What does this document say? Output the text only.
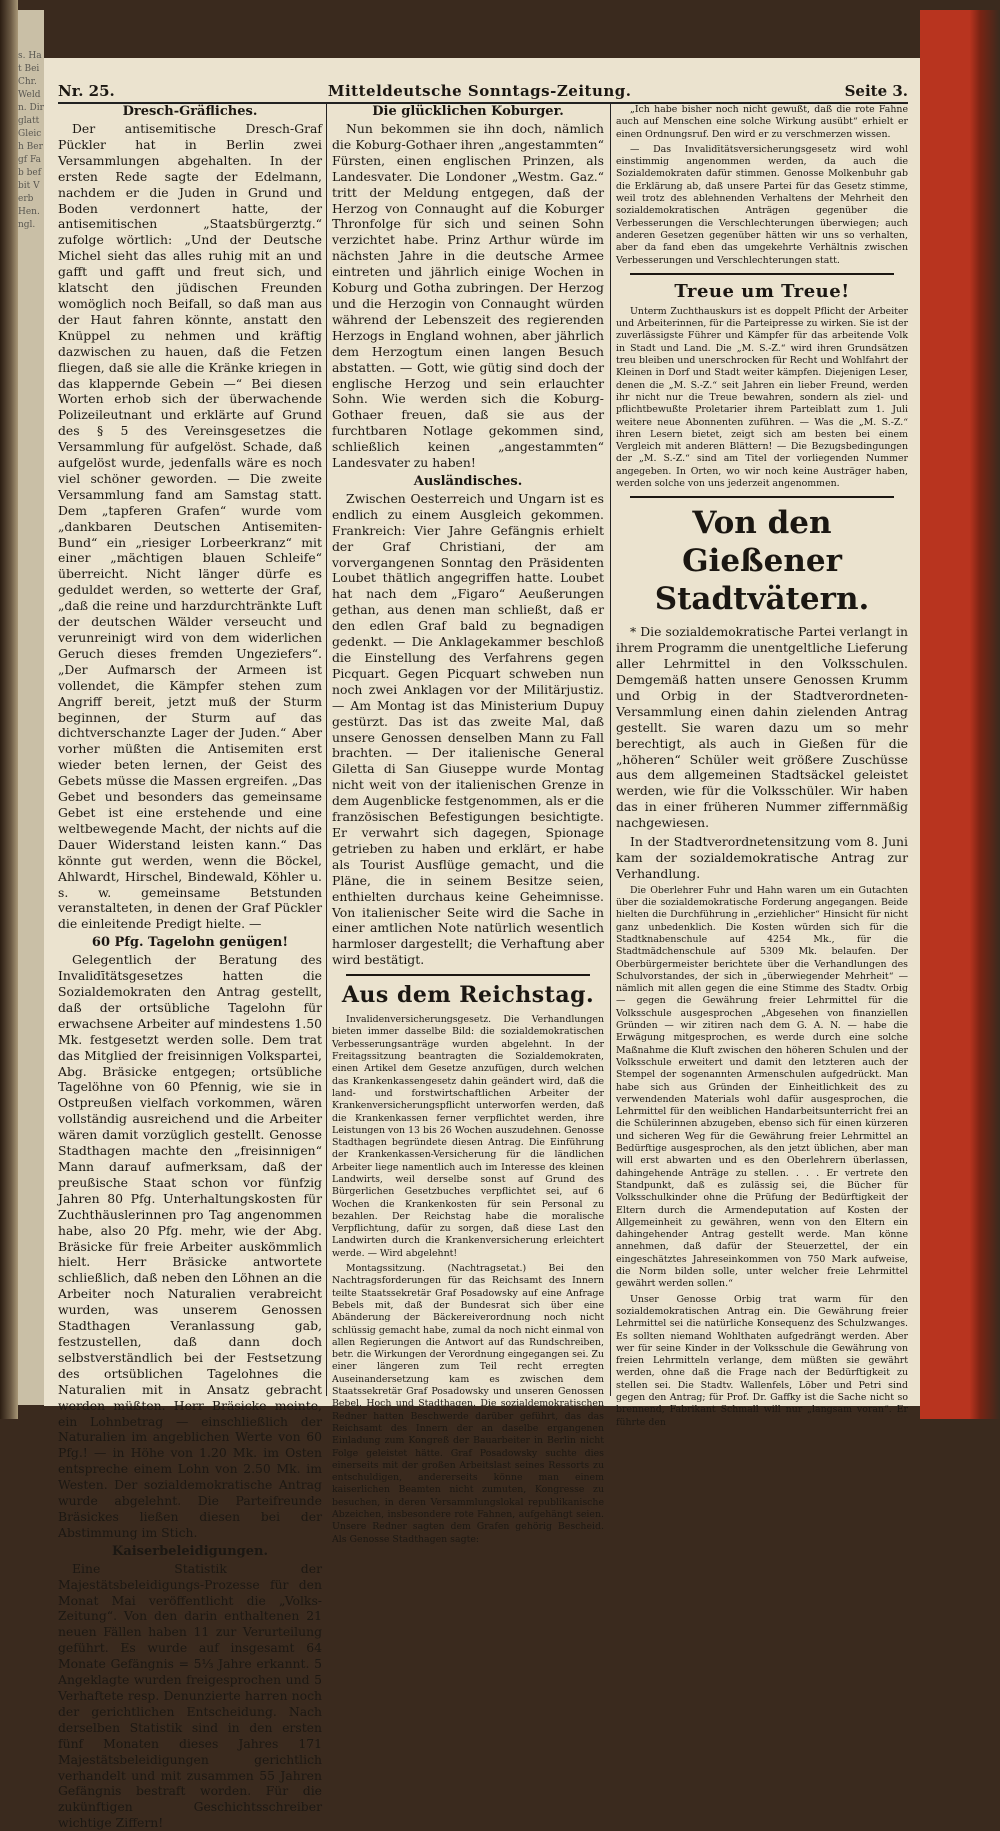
s. Hat Bei Chr. Weld n. Dir glatt Gleich Bergf Fab bef bit Verb Hen. ngl.
Nr. 25.	Mitteldeutsche Sonntags-Zeitung.	Seite 3.
Dresch-Gräfliches.

Der antisemitische Dresch-Graf Pückler hat in Berlin zwei Versammlungen abgehalten. In der ersten Rede sagte der Edelmann, nachdem er die Juden in Grund und Boden verdonnert hatte, der antisemitischen „Staatsbürgerztg.“ zufolge wörtlich: „Und der Deutsche Michel sieht das alles ruhig mit an und gafft und gafft und freut sich, und klatscht den jüdischen Freunden womöglich noch Beifall, so daß man aus der Haut fahren könnte, anstatt den Knüppel zu nehmen und kräftig dazwischen zu hauen, daß die Fetzen fliegen, daß sie alle die Kränke kriegen in das klappernde Gebein —“ Bei diesen Worten erhob sich der überwachende Polizeileutnant und erklärte auf Grund des § 5 des Vereinsgesetzes die Versammlung für aufgelöst. Schade, daß aufgelöst wurde, jedenfalls wäre es noch viel schöner geworden. — Die zweite Versammlung fand am Samstag statt. Dem „tapferen Grafen“ wurde vom „dankbaren Deutschen Antisemiten-Bund“ ein „riesiger Lorbeerkranz“ mit einer „mächtigen blauen Schleife“ überreicht. Nicht länger dürfe es geduldet werden, so wetterte der Graf, „daß die reine und harzdurchtränkte Luft der deutschen Wälder verseucht und verunreinigt wird von dem widerlichen Geruch dieses fremden Ungeziefers“. „Der Aufmarsch der Armeen ist vollendet, die Kämpfer stehen zum Angriff bereit, jetzt muß der Sturm beginnen, der Sturm auf das dichtverschanzte Lager der Juden.“ Aber vorher müßten die Antisemiten erst wieder beten lernen, der Geist des Gebets müsse die Massen ergreifen. „Das Gebet und besonders das gemeinsame Gebet ist eine erstehende und eine weltbewegende Macht, der nichts auf die Dauer Widerstand leisten kann.“ Das könnte gut werden, wenn die Böckel, Ahlwardt, Hirschel, Bindewald, Köhler u. s. w. gemeinsame Betstunden veranstalteten, in denen der Graf Pückler die einleitende Predigt hielte. —

60 Pfg. Tagelohn genügen!

Gelegentlich der Beratung des Invalidītätsgesetzes hatten die Sozialdemokraten den Antrag gestellt, daß der ortsübliche Tagelohn für erwachsene Arbeiter auf mindestens 1.50 Mk. festgesetzt werden solle. Dem trat das Mitglied der freisinnigen Volkspartei, Abg. Bräsicke entgegen; ortsübliche Tagelöhne von 60 Pfennig, wie sie in Ostpreußen vielfach vorkommen, wären vollständig ausreichend und die Arbeiter wären damit vorzüglich gestellt. Genosse Stadthagen machte den „freisinnigen“ Mann darauf aufmerksam, daß der preußische Staat schon vor fünfzig Jahren 80 Pfg. Unterhaltungskosten für Zuchthäuslerinnen pro Tag angenommen habe, also 20 Pfg. mehr, wie der Abg. Bräsicke für freie Arbeiter auskömmlich hielt. Herr Bräsicke antwortete schließlich, daß neben den Löhnen an die Arbeiter noch Naturalien verabreicht wurden, was unserem Genossen Stadthagen Veranlassung gab, festzustellen, daß dann doch selbstverständlich bei der Festsetzung des ortsüblichen Tagelohnes die Naturalien mit in Ansatz gebracht werden müßten. Herr Bräsicke meinte, ein Lohnbetrag — einschließlich der Naturalien im angeblichen Werte von 60 Pfg.! — in Höhe von 1.20 Mk. im Osten entspreche einem Lohn von 2.50 Mk. im Westen. Der sozialdemokratische Antrag wurde abgelehnt. Die Parteifreunde Bräsickes ließen diesen bei der Abstimmung im Stich.

Kaiserbeleidigungen.

Eine Statistik der Majestätsbeleidigungs-Prozesse für den Monat Mai veröffentlicht die „Volks-Zeitung“. Von den darin enthaltenen 21 neuen Fällen haben 11 zur Verurteilung geführt. Es wurde auf insgesamt 64 Monate Gefängnis = 5⅓ Jahre erkannt. 5 Angeklagte wurden freigesprochen und 5 Verhaftete resp. Denunzierte harren noch der gerichtlichen Entscheidung. Nach derselben Statistik sind in den ersten fünf Monaten dieses Jahres 171 Majestätsbeleidigungen gerichtlich verhandelt und mit zusammen 55 Jahren Gefängnis bestraft worden. Für die zukünftigen Geschichtsschreiber wichtige Ziffern!

Die glücklichen Koburger.

Nun bekommen sie ihn doch, nämlich die Koburg-Gothaer ihren „angestammten“ Fürsten, einen englischen Prinzen, als Landesvater. Die Londoner „Westm. Gaz.“ tritt der Meldung entgegen, daß der Herzog von Connaught auf die Koburger Thronfolge für sich und seinen Sohn verzichtet habe. Prinz Arthur würde im nächsten Jahre in die deutsche Armee eintreten und jährlich einige Wochen in Koburg und Gotha zubringen. Der Herzog und die Herzogin von Connaught würden während der Lebenszeit des regierenden Herzogs in England wohnen, aber jährlich dem Herzogtum einen langen Besuch abstatten. — Gott, wie gütig sind doch der englische Herzog und sein erlauchter Sohn. Wie werden sich die Koburg-Gothaer freuen, daß sie aus der furchtbaren Notlage gekommen sind, schließlich keinen „angestammten“ Landesvater zu haben!

Ausländisches.

Zwischen Oesterreich und Ungarn ist es endlich zu einem Ausgleich gekommen. Frankreich: Vier Jahre Gefängnis erhielt der Graf Christiani, der am vorvergangenen Sonntag den Präsidenten Loubet thätlich angegriffen hatte. Loubet hat nach dem „Figaro“ Aeußerungen gethan, aus denen man schließt, daß er den edlen Graf bald zu begnadigen gedenkt. — Die Anklagekammer beschloß die Einstellung des Verfahrens gegen Picquart. Gegen Picquart schweben nun noch zwei Anklagen vor der Militärjustiz. — Am Montag ist das Ministerium Dupuy gestürzt. Das ist das zweite Mal, daß unsere Genossen denselben Mann zu Fall brachten. — Der italienische General Giletta di San Giuseppe wurde Montag nicht weit von der italienischen Grenze in dem Augenblicke festgenommen, als er die französischen Befestigungen besichtigte. Er verwahrt sich dagegen, Spionage getrieben zu haben und erklärt, er habe als Tourist Ausflüge gemacht, und die Pläne, die in seinem Besitze seien, enthielten durchaus keine Geheimnisse. Von italienischer Seite wird die Sache in einer amtlichen Note natürlich wesentlich harmloser dargestellt; die Verhaftung aber wird bestätigt.

Aus dem Reichstag.

Invalidenversicherungsgesetz. Die Verhandlungen bieten immer dasselbe Bild: die sozialdemokratischen Verbesserungsanträge wurden abgelehnt. In der Freitagssitzung beantragten die Sozialdemokraten, einen Artikel dem Gesetze anzufügen, durch welchen das Krankenkassengesetz dahin geändert wird, daß die land- und forstwirtschaftlichen Arbeiter der Krankenversicherungspflicht unterworfen werden, daß die Krankenkassen ferner verpflichtet werden, ihre Leistungen von 13 bis 26 Wochen auszudehnen. Genosse Stadthagen begründete diesen Antrag. Die Einführung der Krankenkassen-Versicherung für die ländlichen Arbeiter liege namentlich auch im Interesse des kleinen Landwirts, weil derselbe sonst auf Grund des Bürgerlichen Gesetzbuches verpflichtet sei, auf 6 Wochen die Krankenkosten für sein Personal zu bezahlen. Der Reichstag habe die moralische Verpflichtung, dafür zu sorgen, daß diese Last den Landwirten durch die Krankenversicherung erleichtert werde. — Wird abgelehnt!

Montagssitzung. (Nachtragsetat.) Bei den Nachtragsforderungen für das Reichsamt des Innern teilte Staatssekretär Graf Posadowsky auf eine Anfrage Bebels mit, daß der Bundesrat sich über eine Abänderung der Bäckereiverordnung noch nicht schlüssig gemacht habe, zumal da noch nicht einmal von allen Regierungen die Antwort auf das Rundschreiben, betr. die Wirkungen der Verordnung eingegangen sei. Zu einer längeren zum Teil recht erregten Auseinandersetzung kam es zwischen dem Staatssekretär Graf Posadowsky und unseren Genossen Bebel, Hoch und Stadthagen. Die sozialdemokratischen Redner hatten Beschwerde darüber geführt, das das Reichsamt des Innern der an daselbe ergangenen Einladung zum Kongreß der Bauarbeiter in Berlin nicht Folge geleistet hätte. Graf Posadowsky suchte dies einerseits mit der großen Arbeitslast seines Ressorts zu entschuldigen, andererseits könne man einem kaiserlichen Beamten nicht zumuten, Kongresse zu besuchen, in deren Versammlungslokal republikanische Abzeichen, insbesondere rote Fahnen, aufgehängt seien. Unsere Redner sagten dem Grafen gehörig Bescheid. Als Genosse Stadthagen sagte:

„Ich habe bisher noch nicht gewußt, daß die rote Fahne auch auf Menschen eine solche Wirkung ausübt“ erhielt er einen Ordnungsruf. Den wird er zu verschmerzen wissen.

— Das Invalidītätsversicherungsgesetz wird wohl einstimmig angenommen werden, da auch die Sozialdemokraten dafür stimmen. Genosse Molkenbuhr gab die Erklärung ab, daß unsere Partei für das Gesetz stimme, weil trotz des ablehnenden Verhaltens der Mehrheit den sozialdemokratischen Anträgen gegenüber die Verbesserungen die Verschlechterungen überwiegen; auch anderen Gesetzen gegenüber hätten wir uns so verhalten, aber da fand eben das umgekehrte Verhältnis zwischen Verbesserungen und Verschlechterungen statt.

Treue um Treue!

Unterm Zuchthauskurs ist es doppelt Pflicht der Arbeiter und Arbeiterinnen, für die Parteipresse zu wirken. Sie ist der zuverlässigste Führer und Kämpfer für das arbeitende Volk in Stadt und Land. Die „M. S.-Z.“ wird ihren Grundsätzen treu bleiben und unerschrocken für Recht und Wohlfahrt der Kleinen in Dorf und Stadt weiter kämpfen. Diejenigen Leser, denen die „M. S.-Z.“ seit Jahren ein lieber Freund, werden ihr nicht nur die Treue bewahren, sondern als ziel- und pflichtbewußte Proletarier ihrem Parteiblatt zum 1. Juli weitere neue Abonnenten zuführen. — Was die „M. S.-Z.“ ihren Lesern bietet, zeigt sich am besten bei einem Vergleich mit anderen Blättern! — Die Bezugsbedingungen der „M. S.-Z.“ sind am Titel der vorliegenden Nummer angegeben. In Orten, wo wir noch keine Austräger haben, werden solche von uns jederzeit angenommen.

Von den Gießener Stadtvätern.

* Die sozialdemokratische Partei verlangt in ihrem Programm die unentgeltliche Lieferung aller Lehrmittel in den Volksschulen. Demgemäß hatten unsere Genossen Krumm und Orbig in der Stadtverordneten-Versammlung einen dahin zielenden Antrag gestellt. Sie waren dazu um so mehr berechtigt, als auch in Gießen für die „höheren“ Schüler weit größere Zuschüsse aus dem allgemeinen Stadtsäckel geleistet werden, wie für die Volksschüler. Wir haben das in einer früheren Nummer ziffernmäßig nachgewiesen.

In der Stadtverordnetensitzung vom 8. Juni kam der sozialdemokratische Antrag zur Verhandlung.

Die Oberlehrer Fuhr und Hahn waren um ein Gutachten über die sozialdemokratische Forderung angegangen. Beide hielten die Durchführung in „erziehlicher“ Hinsicht für nicht ganz unbedenklich. Die Kosten würden sich für die Stadtknabenschule auf 4254 Mk., für die Stadtmädchenschule auf 5309 Mk. belaufen. Der Oberbürgermeister berichtete über die Verhandlungen des Schulvorstandes, der sich in „überwiegender Mehrheit“ — nämlich mit allen gegen die eine Stimme des Stadtv. Orbig — gegen die Gewährung freier Lehrmittel für die Volksschule ausgesprochen „Abgesehen von finanziellen Gründen — wir zitiren nach dem G. A. N. — habe die Erwägung mitgesprochen, es werde durch eine solche Maßnahme die Kluft zwischen den höheren Schulen und der Volksschule erweitert und damit den letzteren auch der Stempel der sogenannten Armenschulen aufgedrückt. Man habe sich aus Gründen der Einheitlichkeit des zu verwendenden Materials wohl dafür ausgesprochen, die Lehrmittel für den weiblichen Handarbeitsunterricht frei an die Schülerinnen abzugeben, ebenso sich für einen kürzeren und sicheren Weg für die Gewährung freier Lehrmittel an Bedürftige ausgesprochen, als den jetzt üblichen, aber man will erst abwarten und es den Oberlehrern überlassen, dahingehende Anträge zu stellen. . . . Er vertrete den Standpunkt, daß es zulässig sei, die Bücher für Volksschulkinder ohne die Prüfung der Bedürftigkeit der Eltern durch die Armendeputation auf Kosten der Allgemeinheit zu gewähren, wenn von den Eltern ein dahingehender Antrag gestellt werde. Man könne annehmen, daß dafür der Steuerzettel, der ein eingeschätztes Jahreseinkommen von 750 Mark aufweise, die Norm bilden solle, unter welcher freie Lehrmittel gewährt werden sollen.“

Unser Genosse Orbig trat warm für den sozialdemokratischen Antrag ein. Die Gewährung freier Lehrmittel sei die natürliche Konsequenz des Schulzwanges. Es sollten niemand Wohlthaten aufgedrängt werden. Aber wer für seine Kinder in der Volksschule die Gewährung von freien Lehrmitteln verlange, dem müßten sie gewährt werden, ohne daß die Frage nach der Bedürftigkeit zu stellen sei. Die Stadtv. Wallenfels, Löber und Petri sind gegen den Antrag; für Prof. Dr. Gaffky ist die Sache nicht so brennend, Fabrikant Schmall will nur „langsam voran“. Er führte den
